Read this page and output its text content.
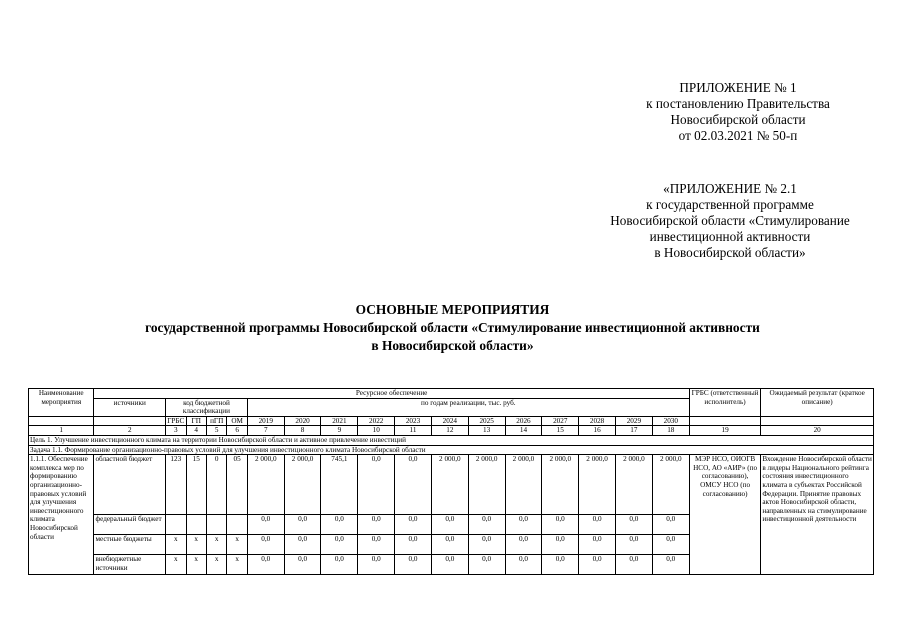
ПРИЛОЖЕНИЕ № 1
к постановлению Правительства
Новосибирской области
от 02.03.2021 № 50-п
«ПРИЛОЖЕНИЕ № 2.1
к государственной программе
Новосибирской области «Стимулирование
инвестиционной активности
в Новосибирской области»
ОСНОВНЫЕ МЕРОПРИЯТИЯ
государственной программы Новосибирской области «Стимулирование инвестиционной активности
в Новосибирской области»
Наименование мероприятия	Ресурсное обеспечение																	ГРБС (ответственный исполнитель)	Ожидаемый результат (краткое описание)
	источники	код бюджетной классификации				по годам реализации, тыс. руб.													

		ГРБС	ГП	пГП	ОМ	2019	2020	2021	2022	2023	2024	2025	2026	2027	2028	2029	2030		
1	2	3	4	5	6	7	8	9	10	11	12	13	14	15	16	17	18	19	20
Цель 1. Улучшение инвестиционного климата на территории Новосибирской области и активное привлечение инвестиций																			
Задача 1.1. Формирование организационно-правовых условий для улучшения инвестиционного климата Новосибирской области																			
1.1.1. Обеспечение комплекса мер по формированию организационно-правовых условий для улучшения инвестиционного климата Новосибирской области	областной бюджет	123	15	0	05	2 000,0	2 000,0	745,1	0,0	0,0	2 000,0	2 000,0	2 000,0	2 000,0	2 000,0	2 000,0	2 000,0	МЭР НСО, ОИОГВ НСО, АО «АИР» (по согласованию), ОМСУ НСО (по согласованию)	Вхождение Новосибирской области в лидеры Национального рейтинга состояния инвестиционного климата в субъектах Российской Федерации. Принятие правовых актов Новосибирской области, направленных на стимулирование инвестиционной деятельности
	федеральный бюджет					0,0	0,0	0,0	0,0	0,0	0,0	0,0	0,0	0,0	0,0	0,0	0,0		
	местные бюджеты	х	х	х	х	0,0	0,0	0,0	0,0	0,0	0,0	0,0	0,0	0,0	0,0	0,0	0,0		
	внебюджетные источники	х	х	х	х	0,0	0,0	0,0	0,0	0,0	0,0	0,0	0,0	0,0	0,0	0,0	0,0		
